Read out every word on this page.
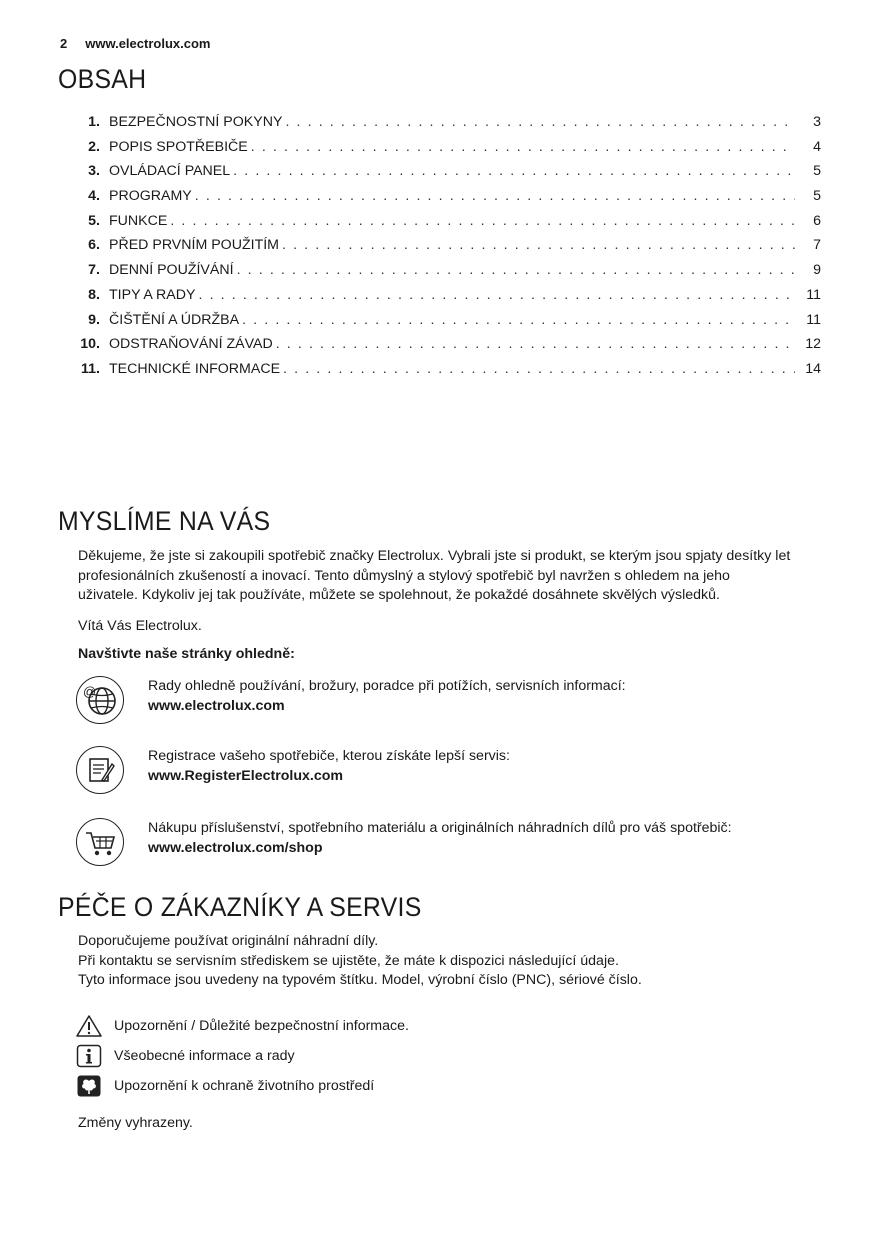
2 www.electrolux.com
OBSAH
1. BEZPEČNOSTNÍ POKYNY . . .	3
2. POPIS SPOTŘEBIČE . . .	4
3. OVLÁDACÍ PANEL . . .	5
4. PROGRAMY . . .	5
5. FUNKCE . . .	6
6. PŘED PRVNÍM POUŽITÍM . . .	7
7. DENNÍ POUŽÍVÁNÍ . . .	9
8. TIPY A RADY . . .	11
9. ČIŠTĚNÍ A ÚDRŽBA . . .	11
10. ODSTRAŇOVÁNÍ ZÁVAD . . .	12
11. TECHNICKÉ INFORMACE . . .	14
MYSLÍME NA VÁS
Děkujeme, že jste si zakoupili spotřebič značky Electrolux. Vybrali jste si produkt, se kterým jsou spjaty desítky let
profesionálních zkušeností a inovací. Tento důmyslný a stylový spotřebič byl navržen s ohledem na jeho
uživatele. Kdykoliv jej tak používáte, můžete se spolehnout, že pokaždé dosáhnete skvělých výsledků.
Vítá Vás Electrolux.
Navštivte naše stránky ohledně:
@	Rady ohledně používání, brožury, poradce při potížích, servisních informací:
www.electrolux.com
Registrace vašeho spotřebiče, kterou získáte lepší servis:
www.RegisterElectrolux.com
Nákupu příslušenství, spotřebního materiálu a originálních náhradních dílů pro váš spotřebič:
www.electrolux.com/shop
PÉČE O ZÁKAZNÍKY A SERVIS
Doporučujeme používat originální náhradní díly.
Při kontaktu se servisním střediskem se ujistěte, že máte k dispozici následující údaje.
Tyto informace jsou uvedeny na typovém štítku. Model, výrobní číslo (PNC), sériové číslo.
Upozornění / Důležité bezpečnostní informace.
Všeobecné informace a rady
Upozornění k ochraně životního prostředí
Změny vyhrazeny.
